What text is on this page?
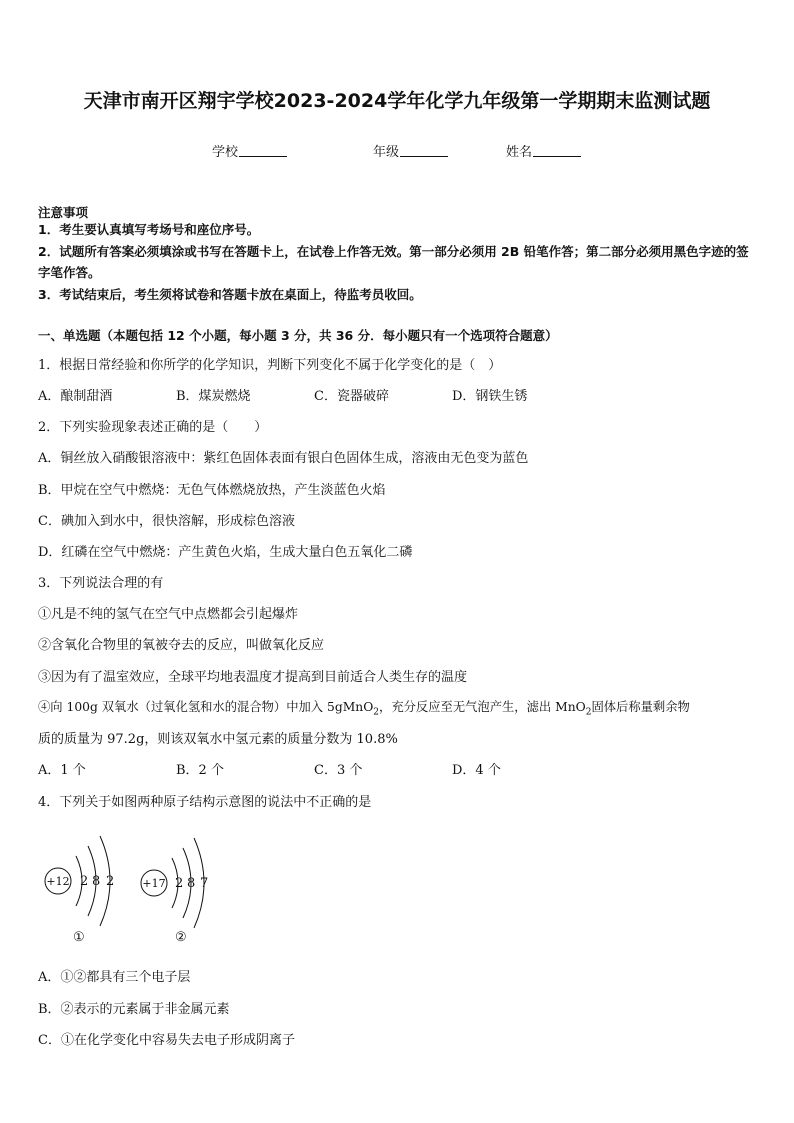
天津市南开区翔宇学校2023-2024学年化学九年级第一学期期末监测试题
学校	年级	姓名
注意事项
1．考生要认真填写考场号和座位序号。
2．试题所有答案必须填涂或书写在答题卡上，在试卷上作答无效。第一部分必须用 2B 铅笔作答；第二部分必须用黑色字迹的签字笔作答。
3．考试结束后，考生须将试卷和答题卡放在桌面上，待监考员收回。
一、单选题（本题包括 12 个小题，每小题 3 分，共 36 分．每小题只有一个选项符合题意）
1．根据日常经验和你所学的化学知识，判断下列变化不属于化学变化的是（　）
A．酿制甜酒	B．煤炭燃烧	C．瓷器破碎	D．钢铁生锈
2．下列实验现象表述正确的是（　　）
A．铜丝放入硝酸银溶液中：紫红色固体表面有银白色固体生成，溶液由无色变为蓝色
B．甲烷在空气中燃烧：无色气体燃烧放热，产生淡蓝色火焰
C．碘加入到水中，很快溶解，形成棕色溶液
D．红磷在空气中燃烧：产生黄色火焰，生成大量白色五氧化二磷
3．下列说法合理的有
①凡是不纯的氢气在空气中点燃都会引起爆炸
②含氧化合物里的氧被夺去的反应，叫做氧化反应
③因为有了温室效应，全球平均地表温度才提高到目前适合人类生存的温度
④向 100g 双氧水（过氧化氢和水的混合物）中加入 5gMnO$_2$，充分反应至无气泡产生，滤出 MnO$_2$固体后称量剩余物
质的质量为 97.2g，则该双氧水中氢元素的质量分数为 10.8%
A．1 个	B．2 个	C．3 个	D．4 个
4．下列关于如图两种原子结构示意图的说法中不正确的是
+12 2 8 2
①
+17 2 8 7
②
A．①②都具有三个电子层
B．②表示的元素属于非金属元素
C．①在化学变化中容易失去电子形成阴离子
